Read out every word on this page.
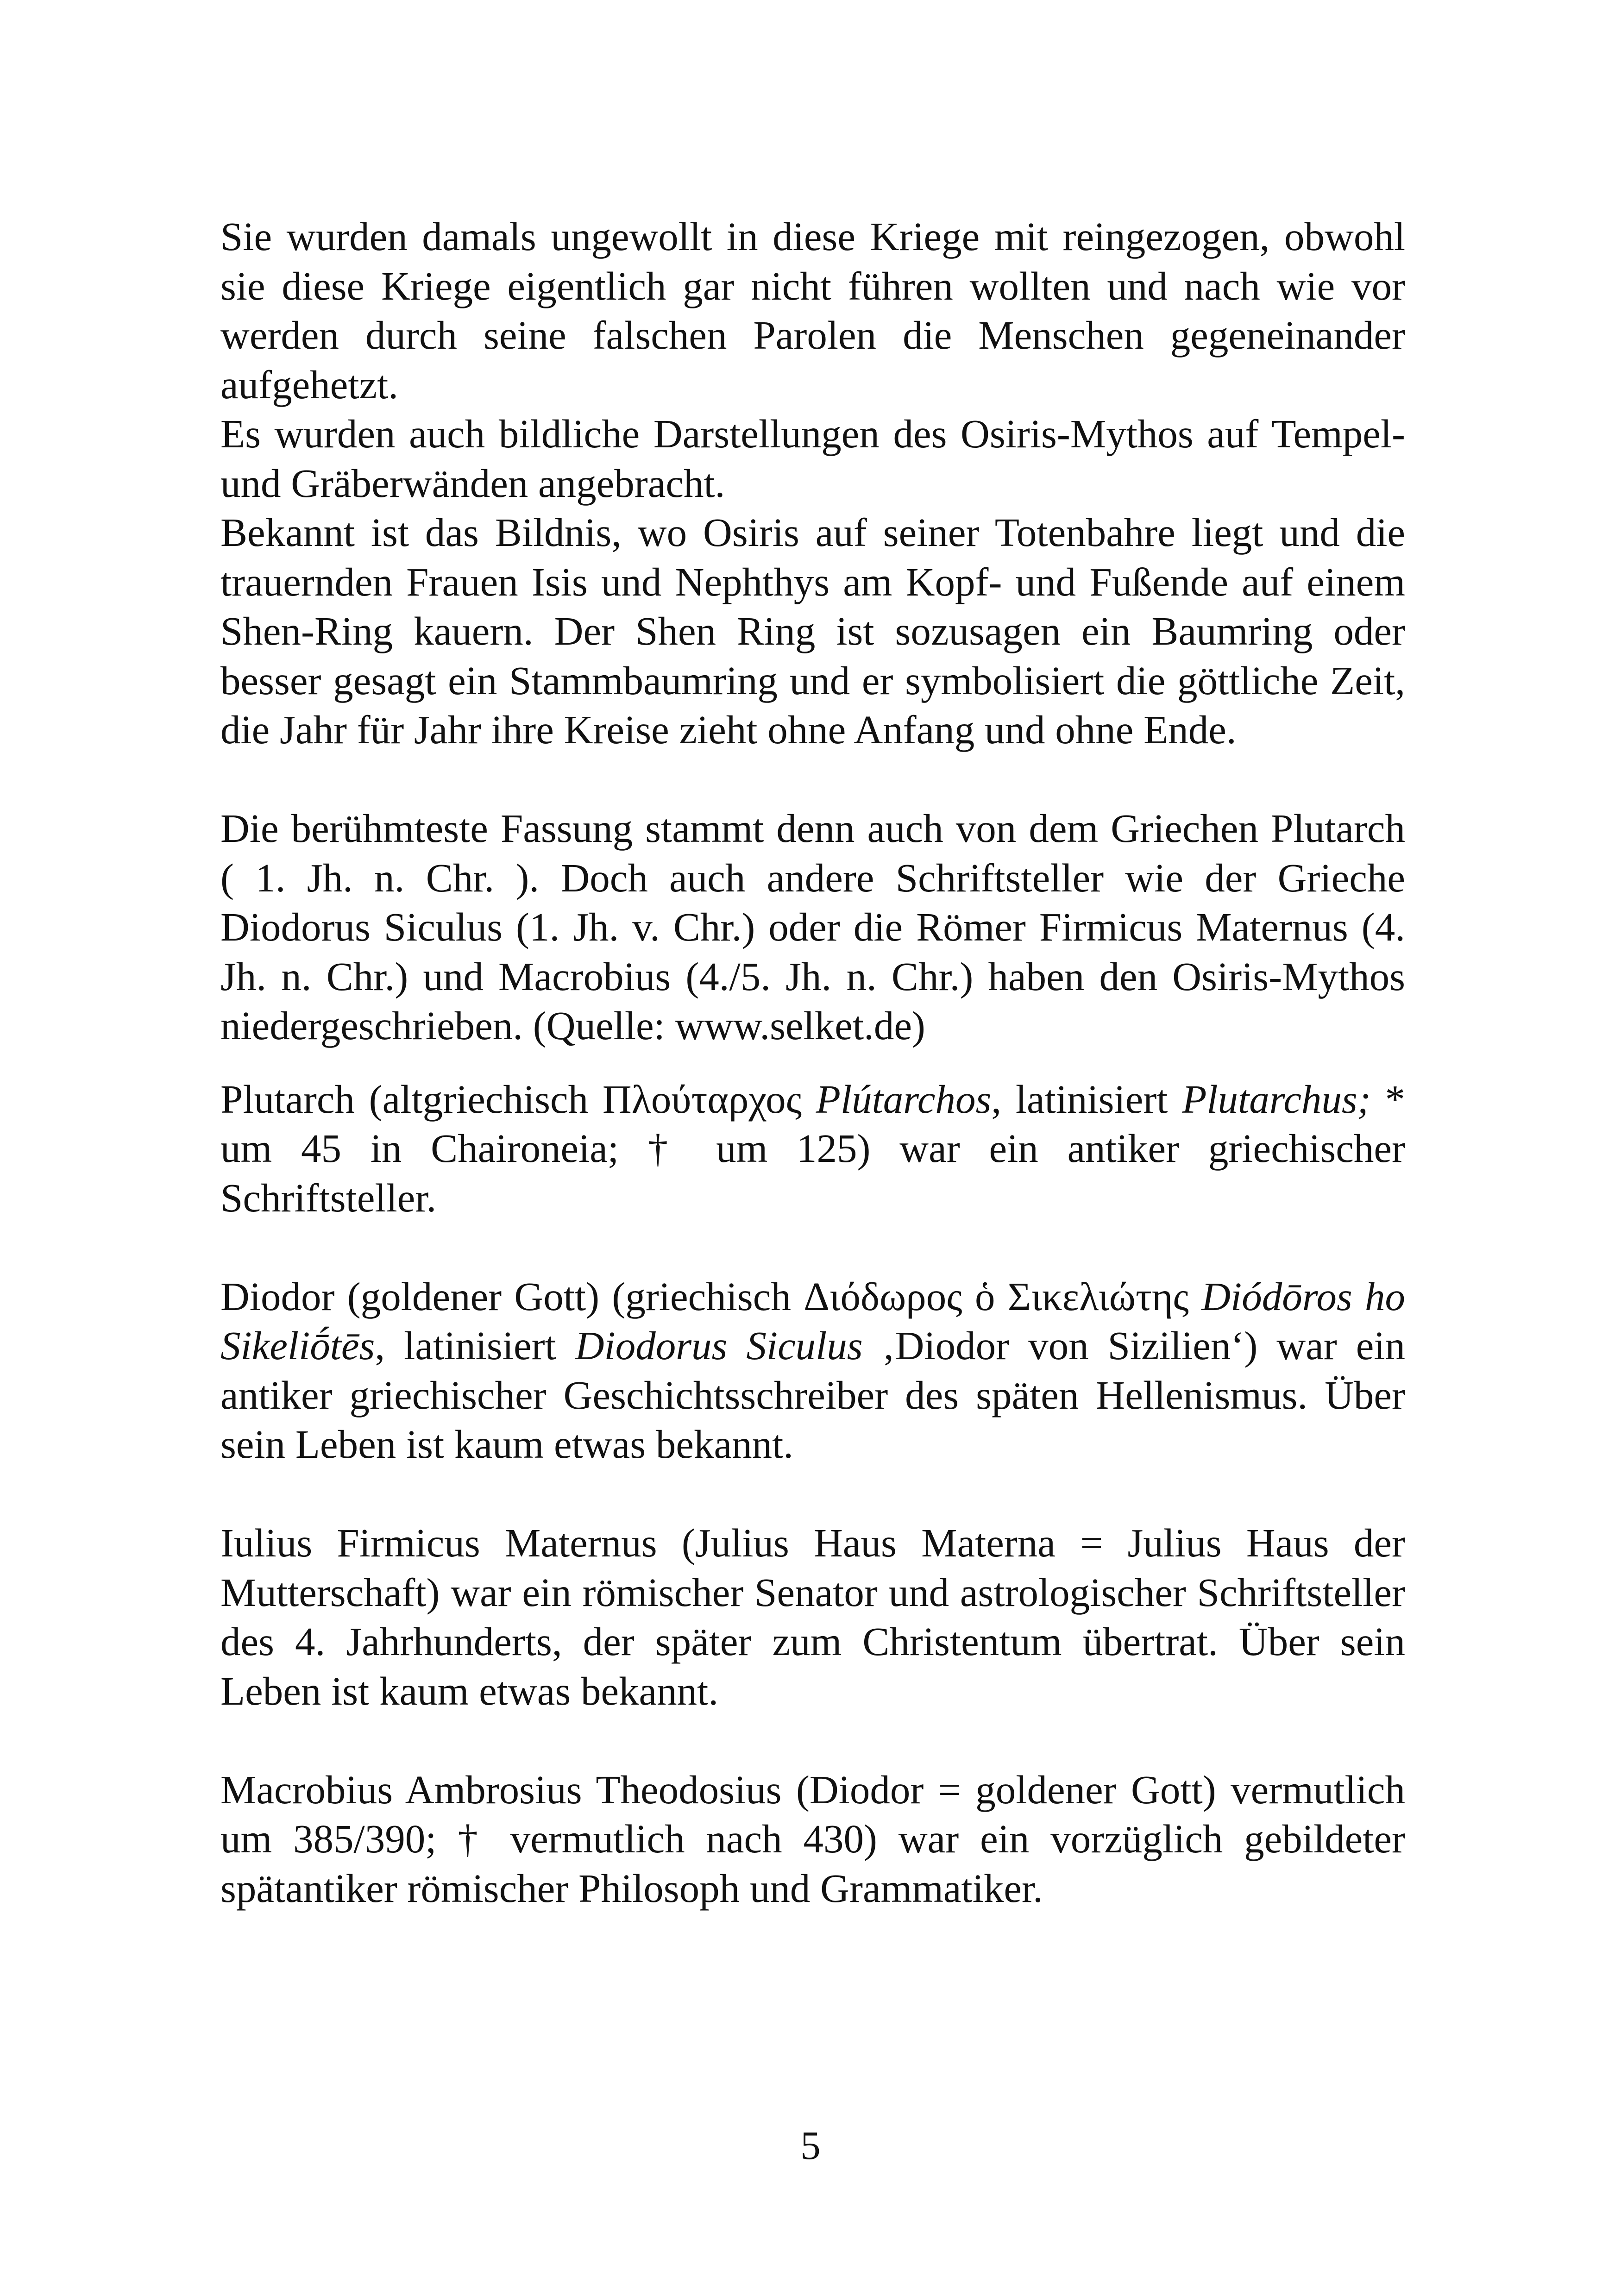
Sie wurden damals ungewollt in diese Kriege mit reingezogen, obwohl sie diese Kriege eigentlich gar nicht führen wollten und nach wie vor werden durch seine falschen Parolen die Menschen gegeneinander aufgehetzt.

Es wurden auch bildliche Darstellungen des Osiris-Mythos auf Tempel- und Gräberwänden angebracht.

Bekannt ist das Bildnis, wo Osiris auf seiner Totenbahre liegt und die trauernden Frauen Isis und Nephthys am Kopf- und Fußende auf einem Shen-Ring kauern. Der Shen Ring ist sozusagen ein Baumring oder besser gesagt ein Stammbaumring und er symbolisiert die göttliche Zeit, die Jahr für Jahr ihre Kreise zieht ohne Anfang und ohne Ende.

Die berühmteste Fassung stammt denn auch von dem Griechen Plutarch ( 1. Jh. n. Chr. ). Doch auch andere Schriftsteller wie der Grieche Diodorus Siculus (1. Jh. v. Chr.) oder die Römer Firmicus Maternus (4. Jh. n. Chr.) und Macrobius (4./5. Jh. n. Chr.) haben den Osiris-Mythos niedergeschrieben. (Quelle: www.selket.de)

Plutarch (altgriechisch Πλούταρχος Plútarchos, latinisiert Plutarchus; * um 45 in Chaironeia; † um 125) war ein antiker griechischer Schriftsteller.

Diodor (goldener Gott) (griechisch Διόδωρος ὁ Σικελιώτης Diódōros ho Sikeliṓtēs, latinisiert Diodorus Siculus ‚Diodor von Sizilien‘) war ein antiker griechischer Geschichtsschreiber des späten Hellenismus. Über sein Leben ist kaum etwas bekannt.

Iulius Firmicus Maternus (Julius Haus Materna = Julius Haus der Mutterschaft) war ein römischer Senator und astrologischer Schriftsteller des 4. Jahrhunderts, der später zum Christentum übertrat. Über sein Leben ist kaum etwas bekannt.

Macrobius Ambrosius Theodosius (Diodor = goldener Gott) vermutlich um 385/390; † vermutlich nach 430) war ein vorzüglich gebildeter spätantiker römischer Philosoph und Grammatiker.

5
